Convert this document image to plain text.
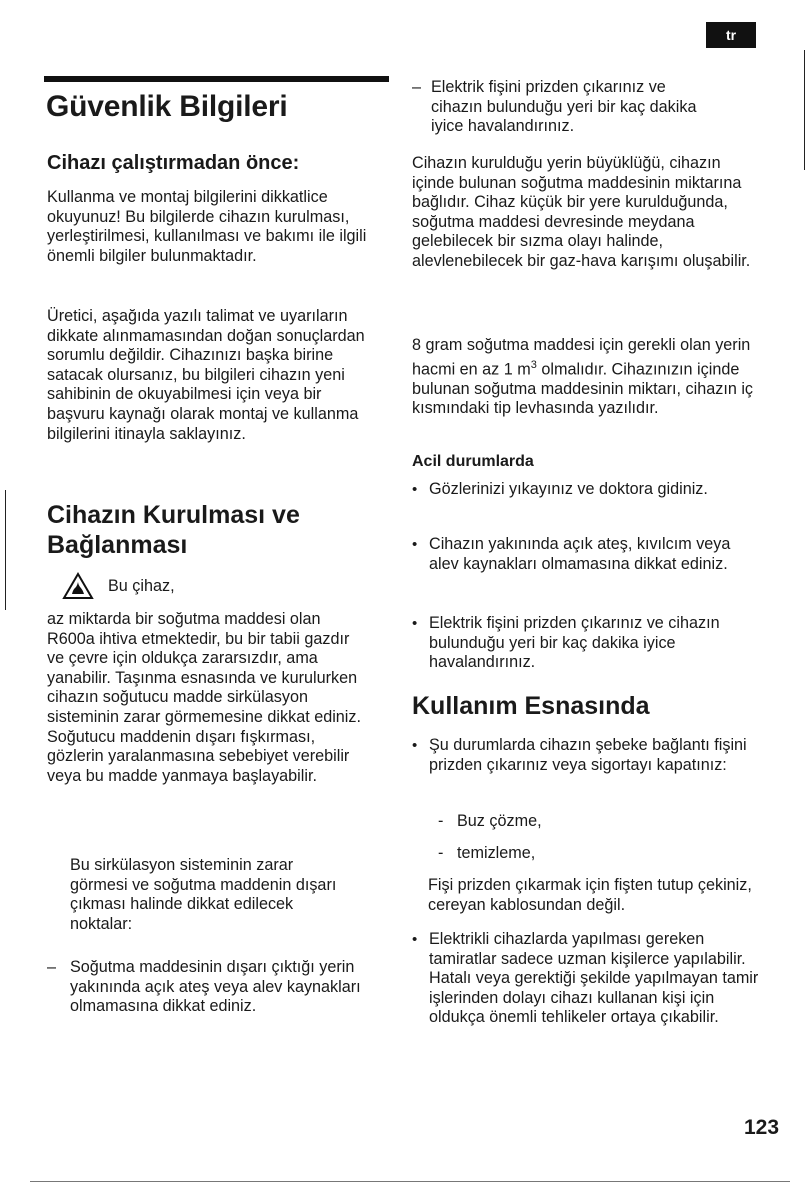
tr
Güvenlik Bilgileri
Cihazı çalıştırmadan önce:

Kullanma ve montaj bilgilerini dikkatlice okuyunuz! Bu bilgilerde cihazın kurulması, yerleştirilmesi, kullanılması ve bakımı ile ilgili önemli bilgiler bulunmaktadır.

Üretici, aşağıda yazılı talimat ve uyarıların dikkate alınmamasından doğan sonuçlardan sorumlu değildir. Cihazınızı başka birine satacak olursanız, bu bilgileri cihazın yeni sahibinin de okuyabilmesi için veya bir başvuru kaynağı olarak montaj ve kullanma bilgilerini itinayla saklayınız.

Cihazın Kurulması ve Bağlanması
Bu çihaz,

az miktarda bir soğutma maddesi olan R600a ihtiva etmektedir, bu bir tabii gazdır ve çevre için oldukça zararsızdır, ama yanabilir. Taşınma esnasında ve kurulurken cihazın soğutucu madde sirkülasyon sisteminin zarar görmemesine dikkat ediniz. Soğutucu maddenin dışarı fışkırması, gözlerin yaralanmasına sebebiyet verebilir veya bu madde yanmaya başlayabilir.

Bu sirkülasyon sisteminin zarar görmesi ve soğutma maddenin dışarı çıkması halinde dikkat edilecek noktalar:

– Soğutma maddesinin dışarı çıktığı yerin yakınında açık ateş veya alev kaynakları olmamasına dikkat ediniz.
– Elektrik fişini prizden çıkarınız ve cihazın bulunduğu yeri bir kaç dakika iyice havalandırınız.

Cihazın kurulduğu yerin büyüklüğü, cihazın içinde bulunan soğutma maddesinin miktarına bağlıdır. Cihaz küçük bir yere kurulduğunda, soğutma maddesi devresinde meydana gelebilecek bir sızma olayı halinde, alevlenebilecek bir gaz-hava karışımı oluşabilir.

8 gram soğutma maddesi için gerekli olan yerin hacmi en az 1 $m^3$ olmalıdır. Cihazınızın içinde bulunan soğutma maddesinin miktarı, cihazın iç kısmındaki tip levhasında yazılıdır.

Acil durumlarda
• Gözlerinizi yıkayınız ve doktora gidiniz.
• Cihazın yakınında açık ateş, kıvılcım veya alev kaynakları olmamasına dikkat ediniz.
• Elektrik fişini prizden çıkarınız ve cihazın bulunduğu yeri bir kaç dakika iyice havalandırınız.
Kullanım Esnasında
• Şu durumlarda cihazın şebeke bağlantı fişini prizden çıkarınız veya sigortayı kapatınız:
- Buz çözme,
- temizleme,

Fişi prizden çıkarmak için fişten tutup çekiniz, cereyan kablosundan değil.

• Elektrikli cihazlarda yapılması gereken tamiratlar sadece uzman kişilerce yapılabilir. Hatalı veya gerektiği şekilde yapılmayan tamir işlerinden dolayı cihazı kullanan kişi için oldukça önemli tehlikeler ortaya çıkabilir.
123
